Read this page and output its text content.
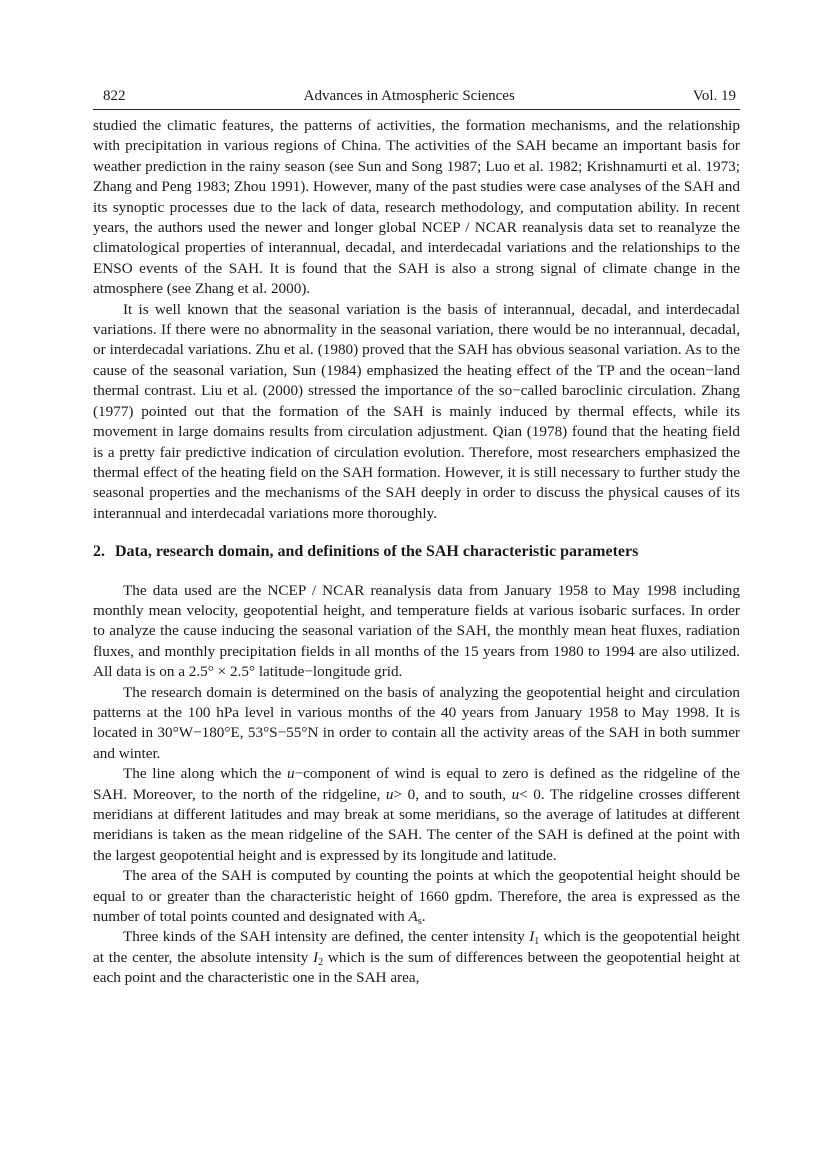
822	Advances in Atmospheric Sciences	Vol. 19

studied the climatic features, the patterns of activities, the formation mechanisms, and the relationship with precipitation in various regions of China. The activities of the SAH became an important basis for weather prediction in the rainy season (see Sun and Song 1987; Luo et al. 1982; Krishnamurti et al. 1973; Zhang and Peng 1983; Zhou 1991). However, many of the past studies were case analyses of the SAH and its synoptic processes due to the lack of data, research methodology, and computation ability. In recent years, the authors used the newer and longer global NCEP / NCAR reanalysis data set to reanalyze the climatological properties of interannual, decadal, and interdecadal variations and the relationships to the ENSO events of the SAH. It is found that the SAH is also a strong signal of climate change in the atmosphere (see Zhang et al. 2000).

It is well known that the seasonal variation is the basis of interannual, decadal, and interdecadal variations. If there were no abnormality in the seasonal variation, there would be no interannual, decadal, or interdecadal variations. Zhu et al. (1980) proved that the SAH has obvious seasonal variation. As to the cause of the seasonal variation, Sun (1984) emphasized the heating effect of the TP and the ocean−land thermal contrast. Liu et al. (2000) stressed the importance of the so−called baroclinic circulation. Zhang (1977) pointed out that the formation of the SAH is mainly induced by thermal effects, while its movement in large domains results from circulation adjustment. Qian (1978) found that the heating field is a pretty fair predictive indication of circulation evolution. Therefore, most researchers emphasized the thermal effect of the heating field on the SAH formation. However, it is still necessary to further study the seasonal properties and the mechanisms of the SAH deeply in order to discuss the physical causes of its interannual and interdecadal variations more thoroughly.

2. Data, research domain, and definitions of the SAH characteristic parameters

The data used are the NCEP / NCAR reanalysis data from January 1958 to May 1998 including monthly mean velocity, geopotential height, and temperature fields at various isobaric surfaces. In order to analyze the cause inducing the seasonal variation of the SAH, the monthly mean heat fluxes, radiation fluxes, and monthly precipitation fields in all months of the 15 years from 1980 to 1994 are also utilized. All data is on a 2.5° × 2.5° latitude−longitude grid.

The research domain is determined on the basis of analyzing the geopotential height and circulation patterns at the 100 hPa level in various months of the 40 years from January 1958 to May 1998. It is located in 30°W−180°E, 53°S−55°N in order to contain all the activity areas of the SAH in both summer and winter.

The line along which the u−component of wind is equal to zero is defined as the ridgeline of the SAH. Moreover, to the north of the ridgeline, u> 0, and to south, u< 0. The ridgeline crosses different meridians at different latitudes and may break at some meridians, so the average of latitudes at different meridians is taken as the mean ridgeline of the SAH. The center of the SAH is defined at the point with the largest geopotential height and is expressed by its longitude and latitude.

The area of the SAH is computed by counting the points at which the geopotential height should be equal to or greater than the characteristic height of 1660 gpdm. Therefore, the area is expressed as the number of total points counted and designated with $A_s$.

Three kinds of the SAH intensity are defined, the center intensity $I_1$ which is the geopotential height at the center, the absolute intensity $I_2$ which is the sum of differences between the geopotential height at each point and the characteristic one in the SAH area,
